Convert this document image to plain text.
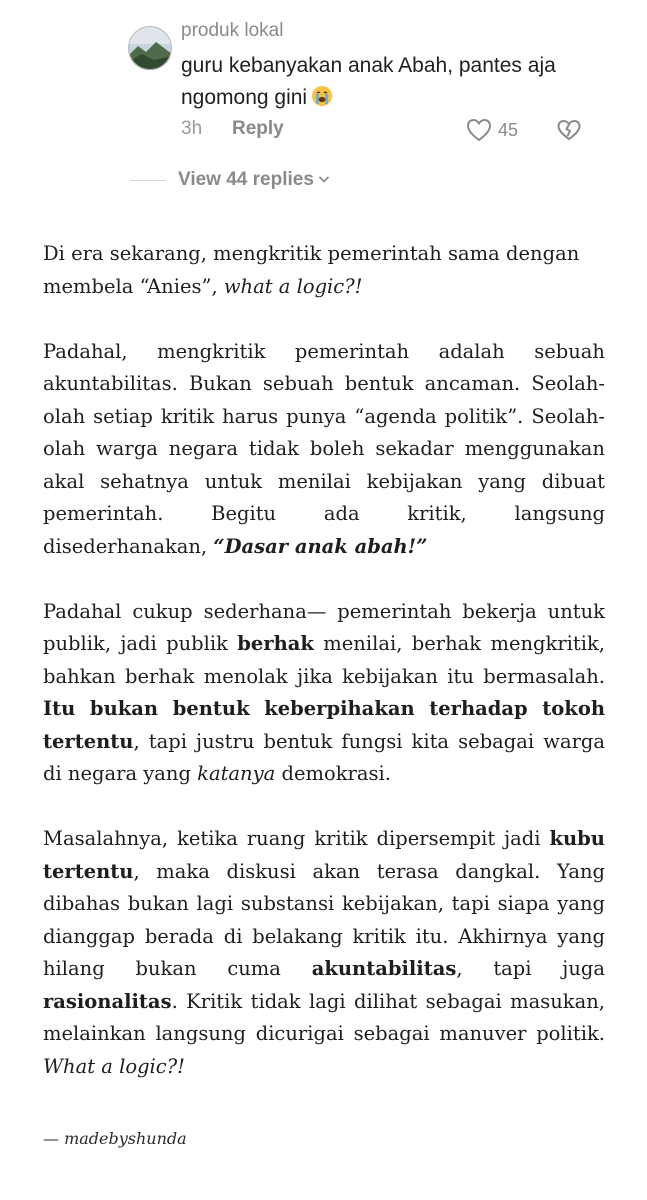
produk lokal
guru kebanyakan anak Abah, pantes aja ngomong gini
3h Reply	45
View 44 replies

Di era sekarang, mengkritik pemerintah sama dengan membela “Anies”, what a logic?!

Padahal, mengkritik pemerintah adalah sebuah akuntabilitas. Bukan sebuah bentuk ancaman. Seolah-olah setiap kritik harus punya “agenda politik”. Seolah-olah warga negara tidak boleh sekadar menggunakan akal sehatnya untuk menilai kebijakan yang dibuat pemerintah. Begitu ada kritik, langsung disederhanakan, “Dasar anak abah!”

Padahal cukup sederhana— pemerintah bekerja untuk publik, jadi publik berhak menilai, berhak mengkritik, bahkan berhak menolak jika kebijakan itu bermasalah. Itu bukan bentuk keberpihakan terhadap tokoh tertentu, tapi justru bentuk fungsi kita sebagai warga di negara yang katanya demokrasi.

Masalahnya, ketika ruang kritik dipersempit jadi kubu tertentu, maka diskusi akan terasa dangkal. Yang dibahas bukan lagi substansi kebijakan, tapi siapa yang dianggap berada di belakang kritik itu. Akhirnya yang hilang bukan cuma akuntabilitas, tapi juga rasionalitas. Kritik tidak lagi dilihat sebagai masukan, melainkan langsung dicurigai sebagai manuver politik. What a logic?!

— madebyshunda
